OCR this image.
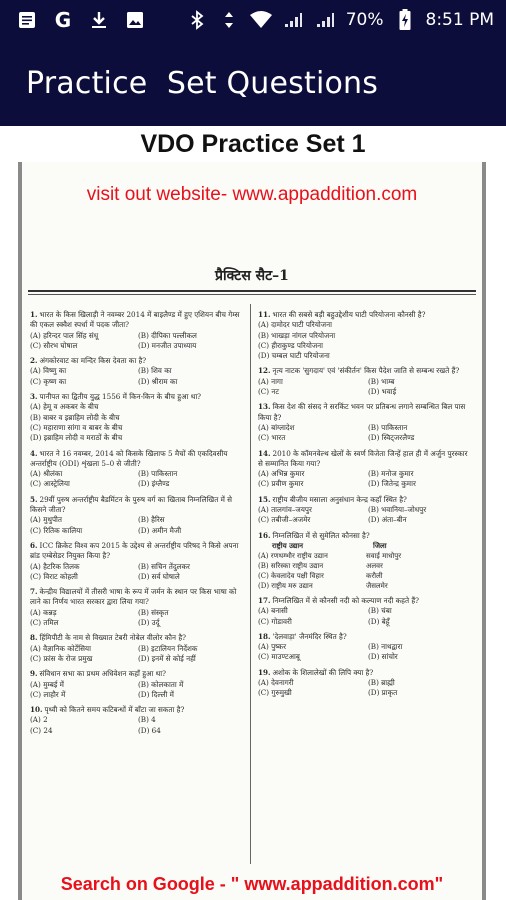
G	70% 8:51 PM
Practice  Set Questions
VDO Practice Set 1
visit out website- www.appaddition.com
प्रैक्टिस सैट–1
1. भारत के किस खिलाड़ी ने नवम्बर 2014 में बाइलैण्ड में हुए एशियन बीच गेम्स की एकल स्क्वैश स्पर्धा में पदक जीता?
(A) हरिन्दर पाल सिंह संधू	(B) दीपिका पल्लीकल
(C) सौरभ घोषाल	(D) मनजीत उपाध्याय
2. अंगकोरवाट का मन्दिर किस देवता का है?
(A) विष्णु का	(B) शिव का
(C) कृष्ण का	(D) श्रीराम का
3. पानीपत का द्वितीय युद्ध 1556 में किन-किन के बीच हुआ था?
(A) हेमू व अकबर के बीच
(B) बाबर व इब्राहिम लोदी के बीच
(C) महाराणा सांगा व बाबर के बीच
(D) इब्राहिम लोदी व मराठों के बीच
4. भारत ने 16 नवम्बर, 2014 को किसके खिलाफ 5 मैचों की एकदिवसीय अन्तर्राष्ट्रीय (ODI) शृंखला 5–0 से जीती?
(A) श्रीलंका	(B) पाकिस्तान
(C) आस्ट्रेलिया	(D) इंग्लैण्ड
5. 29वीं पुरुष अन्तर्राष्ट्रीय बैडमिंटन के पुरुष वर्ग का खिताब निम्नलिखित में से किसने जीता?
(A) मुथुपीत	(B) हैरिस
(C) रितिक कालिया	(D) अमीन मैजी
6. ICC क्रिकेट विश्व कप 2015 के उद्देश्य से अन्तर्राष्ट्रीय परिषद ने किसे अपना ब्रांड एम्बेसेडर नियुक्त किया है?
(A) हैटरिक तिलक	(B) सचिन तेंदुलकर
(C) विराट कोहली	(D) सर्व घोषाले
7. केन्द्रीय विद्यालयों में तीसरी भाषा के रूप में जर्मन के स्थान पर किस भाषा को लाने का निर्णय भारत सरकार द्वारा लिया गया?
(A) कन्नड़	(B) संस्कृत
(C) तमिल	(D) उर्दू
8. हिंमिपीटी के नाम से विख्यात टेबरी नोबेल वीलोर कौन है?
(A) वैज्ञानिक कोर्टेसिया	(B) इटालियन निर्देशक
(C) फ्रांस के रोज प्रमुख	(D) इनमें से कोई नहीं
9. संविधान सभा का प्रथम अधिवेशन कहाँ हुआ था?
(A) मुम्बई में	(B) कोलकाता में
(C) लाहौर में	(D) दिल्ली में
10. पृथ्वी को कितने समय कटिबन्धों में बाँटा जा सकता है?
(A) 2	(B) 4
(C) 24	(D) 64
11. भारत की सबसे बड़ी बहुउद्देशीय घाटी परियोजना कौनसी है?
(A) दामोदर घाटी परियोजना
(B) भाखड़ा नांगल परियोजना
(C) हीराकुण्ड परियोजना
(D) चम्बल घाटी परियोजना
12. नृत्य नाटक 'सुगदाय' एवं 'संकीर्तन' किस पैदेश जाति से सम्बन्ध रखते हैं?
(A) नागा	(B) भाम्ब
(C) नट	(D) भवाई
13. किस देश की संसद ने सरकिंट भवन पर प्रतिबन्ध लगाने सम्बन्धित बिल पास किया है?
(A) बांग्लादेश	(B) पाकिस्तान
(C) भारत	(D) स्विट्जरलैण्ड
14. 2010 के कॉमनवेल्थ खेलों के स्वर्ण विजेता जिन्हें हाल ही में अर्जुन पुरस्कार से सम्मानित किया गया?
(A) अभिन्न कुमार	(B) मनोज कुमार
(C) प्रवीण कुमार	(D) जितेन्द्र कुमार
15. राष्ट्रीय बीजीय मसाला अनुसंधान केन्द्र कहाँ स्थित है?
(A) तालगांव–जयपुर	(B) भवानिया–जोधपुर
(C) तबीजी–अजमेर	(D) अंता–बीन
16. निम्नलिखित में से सुमेलित कौनसा है?
राष्ट्रीय उद्यान	जिला
(A) रणथम्भौर राष्ट्रीय उद्यान	सवाई माधोपुर
(B) सरिस्का राष्ट्रीय उद्यान	अलवर
(C) केवलादेव पक्षी विहार	करौली
(D) राष्ट्रीय मरु उद्यान	जैसलमेर
17. निम्नलिखित में से कौनसी नदी को कल्याण नदी कहते हैं?
(A) बनासी	(B) चंबा
(C) गोडावरी	(D) बेहूँ
18. 'देलवाड़ा' जैनमंदिर स्थित है?
(A) पुष्कर	(B) नाथद्वारा
(C) माउण्टआबू	(D) सांचोर
19. अशोक के शिलालेखों की लिपि क्या है?
(A) देवनागरी	(B) ब्राह्मी
(C) गुरुमुखी	(D) प्राकृत
Search on Google - " www.appaddition.com"
